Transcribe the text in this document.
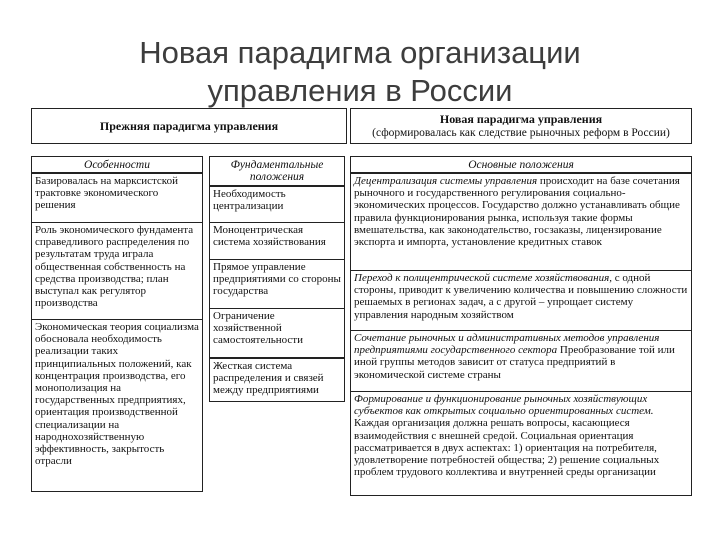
Новая парадигма организации
управления в России
Прежняя парадигма управления	Новая парадигма управления
(сформировалась как следствие рыночных реформ в России)
Особенности	Фундаментальные
положения
Основные положения
Базировалась на марксистской трактовке экономического решения
Роль экономического фундамента справедливого распределения по результатам труда играла общественная собственность на средства производства; план выступал как регулятор производства
Экономическая теория социализма обосновала необходимость реализации таких принципиальных положений, как концентрация производства, его монополизация на государственных предприятиях, ориентация производственной специализации на народнохозяйственную эффективность, закрытость отрасли
Необходимость централизации
Моноцентрическая система хозяйствования
Прямое управление предприятиями со стороны государства
Ограничение хозяйственной самостоятельности
Жесткая система распределения и связей между предприятиями
Децентрализация системы управления происходит на базе сочетания рыночного и государственного регулирования социально-экономических процессов. Государство должно устанавливать общие правила функционирования рынка, используя такие формы вмешательства, как законодательство, госзаказы, лицензирование экспорта и импорта, установление кредитных ставок
Переход к полицентрической системе хозяйствования, с одной стороны, приводит к увеличению количества и повышению сложности решаемых в регионах задач, а с другой – упрощает систему управления народным хозяйством
Сочетание рыночных и административных методов управления предприятиями государственного сектора Преобразование той или иной группы методов зависит от статуса предприятий в экономической системе страны
Формирование и функционирование рыночных хозяйствующих субъектов как открытых социально ориентированных систем. Каждая организация должна решать вопросы, касающиеся взаимодействия с внешней средой. Социальная ориентация рассматривается в двух аспектах: 1) ориентация на потребителя, удовлетворение потребностей общества; 2) решение социальных проблем трудового коллектива и внутренней среды организации
